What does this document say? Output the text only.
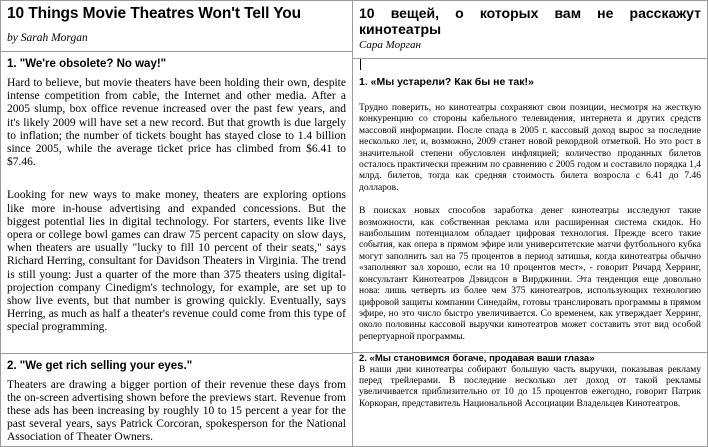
10 Things Movie Theatres Won't Tell You
by Sarah Morgan
1. "We're obsolete? No way!"

Hard to believe, but movie theaters have been holding their own, despite intense competition from cable, the Internet and other media. After a 2005 slump, box office revenue increased over the past few years, and it's likely 2009 will have set a new record. But that growth is due largely to inflation; the number of tickets bought has stayed close to 1.4 billion since 2005, while the average ticket price has climbed from $6.41 to $7.46.

Looking for new ways to make money, theaters are exploring options like more in-house advertising and expanded concessions. But the biggest potential lies in digital technology. For starters, events like live opera or college bowl games can draw 75 percent capacity on slow days, when theaters are usually "lucky to fill 10 percent of their seats," says Richard Herring, consultant for Davidson Theaters in Virginia. The trend is still young: Just a quarter of the more than 375 theaters using digital-projection company Cinedigm's technology, for example, are set up to show live events, but that number is growing quickly. Eventually, says Herring, as much as half a theater's revenue could come from this type of special programming.

2. "We get rich selling your eyes."

Theaters are drawing a bigger portion of their revenue these days from the on-screen advertising shown before the previews start. Revenue from these ads has been increasing by roughly 10 to 15 percent a year for the past several years, says Patrick Corcoran, spokesperson for the National Association of Theater Owners.

10 вещей, о которых вам не расскажут кинотеатры
Сара Морган
1. «Мы устарели? Как бы не так!»

Трудно поверить, но кинотеатры сохраняют свои позиции, несмотря на жесткую конкуренцию со стороны кабельного телевидения, интернета и других средств массовой информации. После спада в 2005 г. кассовый доход вырос за последние несколько лет, и, возможно, 2009 станет новой рекордной отметкой. Но это рост в значительной степени обусловлен инфляцией; количество проданных билетов осталось практически прежним по сравнению с 2005 годом и составило порядка 1,4 млрд. билетов, тогда как средняя стоимость билета возросла с 6.41 до 7.46 долларов.

В поисках новых способов заработка денег кинотеатры исследуют такие возможности, как собственная реклама или расширенная система скидок. Но наибольшим потенциалом обладает цифровая технология. Прежде всего такие события, как опера в прямом эфире или университетские матчи футбольного кубка могут заполнить зал на 75 процентов в период затишья, когда кинотеатры обычно «заполняют зал хорошо, если на 10 процентов мест», - говорит Ричард Херринг, консультант Кинотеатров Дэвидсон в Вирджинии. Эта тенденция еще довольно нова: лишь четверть из более чем 375 кинотеатров, использующих технологию цифровой защиты компании Синедайм, готовы транслировать программы в прямом эфире, но это число быстро увеличивается. Со временем, как утверждает Херринг, около половины кассовой выручки кинотеатров может составить этот вид особой репертуарной программы.

2. «Мы становимся богаче, продавая ваши глаза»

В наши дни кинотеатры собирают большую часть выручки, показывая рекламу перед трейлерами. В последние несколько лет доход от такой рекламы увеличивается приблизительно от 10 до 15 процентов ежегодно, говорит Патрик Коркоран, представитель Национальной Ассоциации Владельцев Кинотеатров.
